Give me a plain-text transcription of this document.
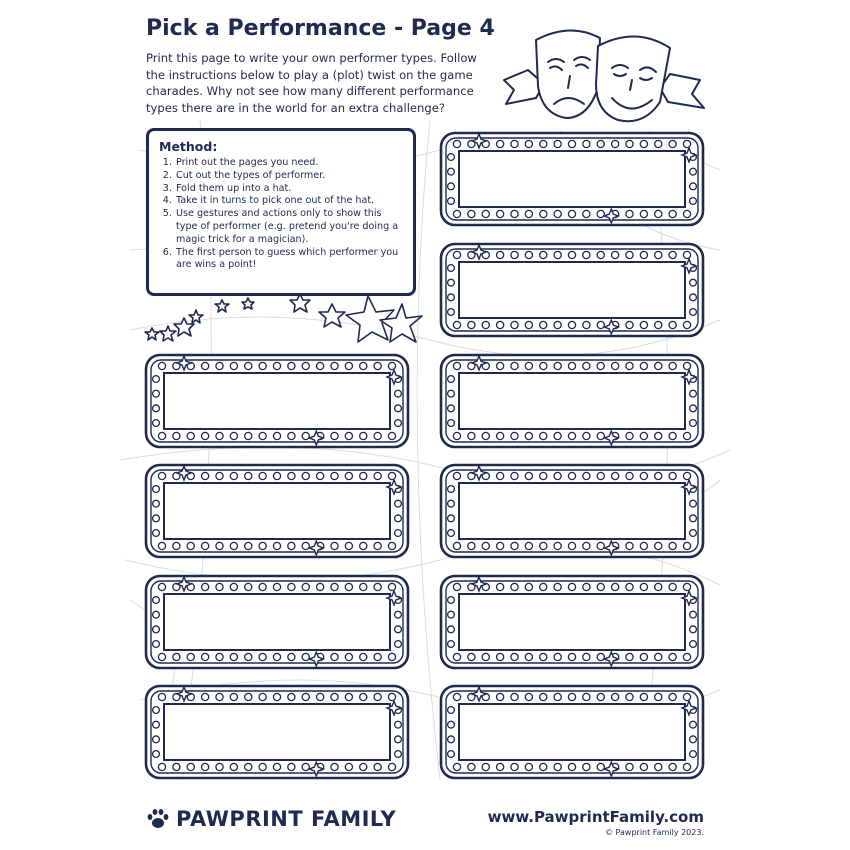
Pick a Performance - Page 4

Print this page to write your own performer types. Follow the instructions below to play a (plot) twist on the game charades. Why not see how many different performance types there are in the world for an extra challenge?

Method:
1. Print out the pages you need.
2. Cut out the types of performer.
3. Fold them up into a hat.
4. Take it in turns to pick one out of the hat.
5. Use gestures and actions only to show this type of performer (e.g. pretend you're doing a magic trick for a magician).
6. The first person to guess which performer you are wins a point!
PAWPRINT FAMILY	www.PawprintFamily.com
© Pawprint Family 2023.
